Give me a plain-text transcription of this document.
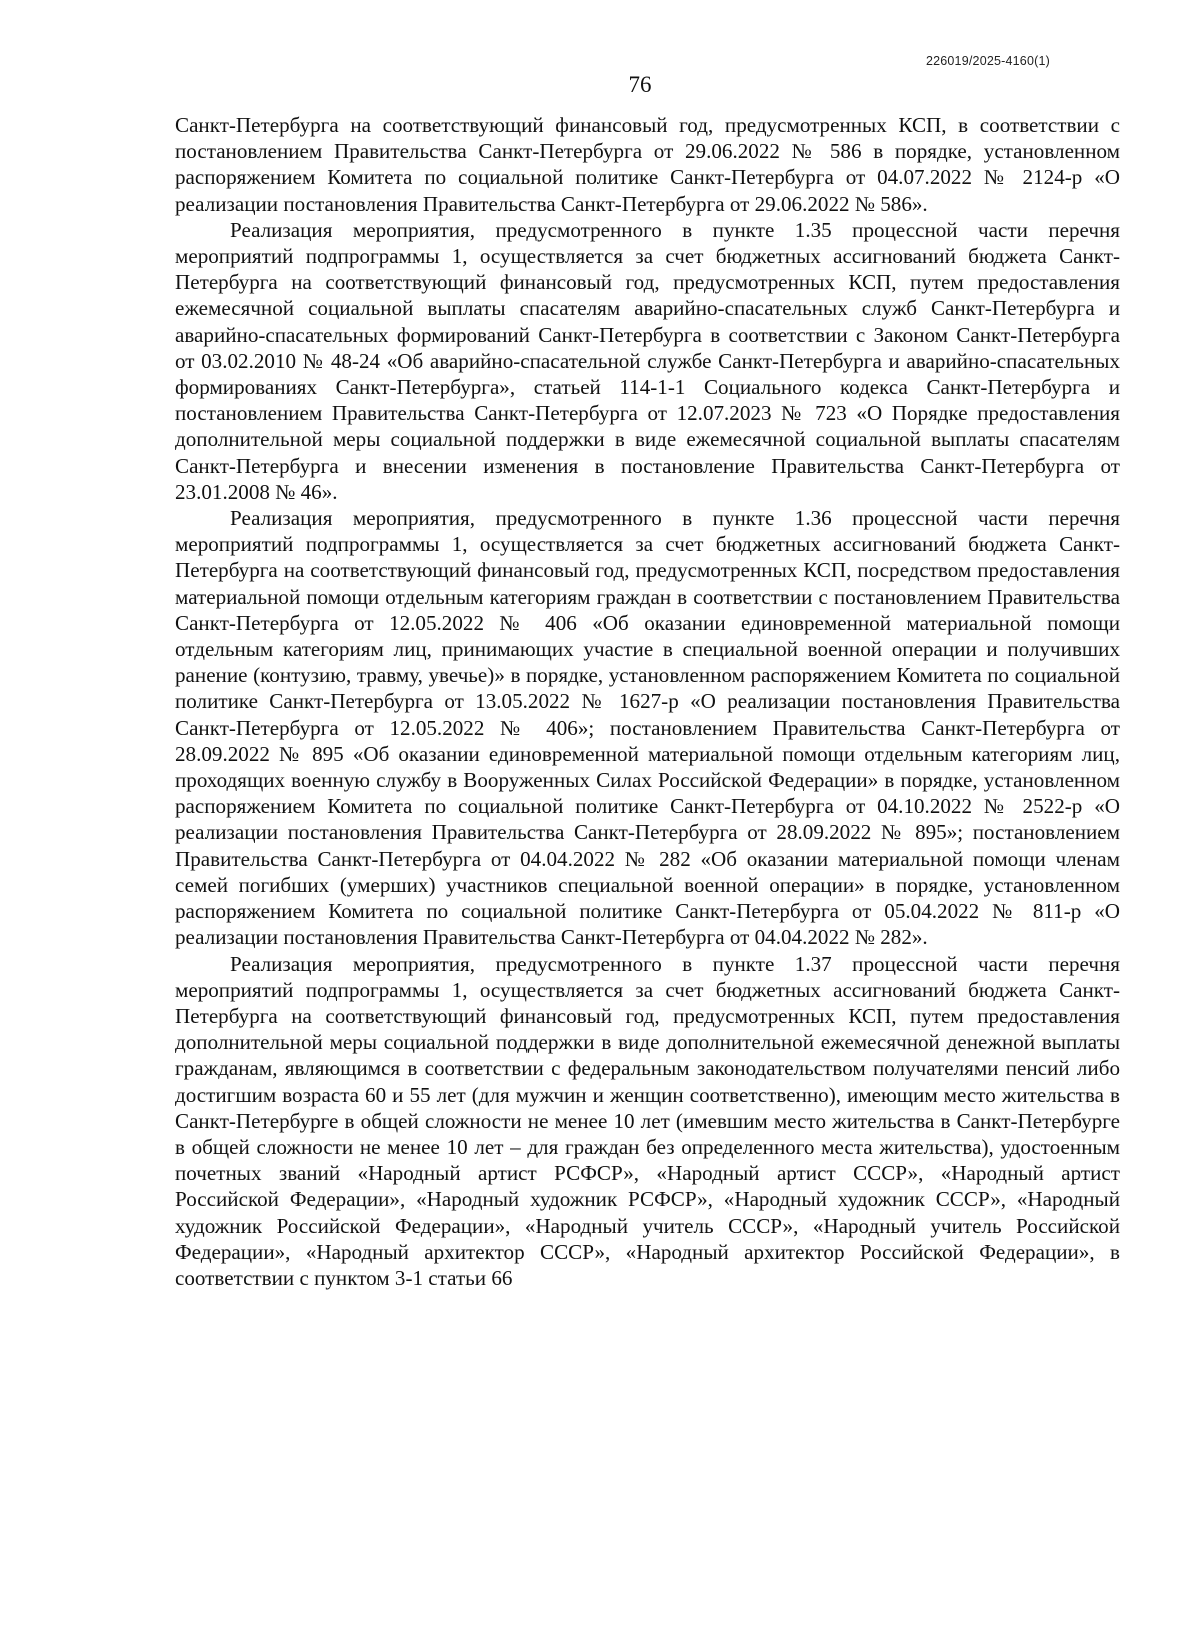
226019/2025-4160(1)
76

Санкт-Петербурга на соответствующий финансовый год, предусмотренных КСП, в соответствии с постановлением Правительства Санкт-Петербурга от 29.06.2022 № 586 в порядке, установленном распоряжением Комитета по социальной политике Санкт-Петербурга от 04.07.2022 № 2124-р «О реализации постановления Правительства Санкт-Петербурга от 29.06.2022 № 586».

Реализация мероприятия, предусмотренного в пункте 1.35 процессной части перечня мероприятий подпрограммы 1, осуществляется за счет бюджетных ассигнований бюджета Санкт-Петербурга на соответствующий финансовый год, предусмотренных КСП, путем предоставления ежемесячной социальной выплаты спасателям аварийно-спасательных служб Санкт-Петербурга и аварийно-спасательных формирований Санкт-Петербурга в соответствии с Законом Санкт-Петербурга от 03.02.2010 № 48-24 «Об аварийно-спасательной службе Санкт-Петербурга и аварийно-спасательных формированиях Санкт-Петербурга», статьей 114-1-1 Социального кодекса Санкт-Петербурга и постановлением Правительства Санкт-Петербурга от 12.07.2023 № 723 «О Порядке предоставления дополнительной меры социальной поддержки в виде ежемесячной социальной выплаты спасателям Санкт-Петербурга и внесении изменения в постановление Правительства Санкт-Петербурга от 23.01.2008 № 46».

Реализация мероприятия, предусмотренного в пункте 1.36 процессной части перечня мероприятий подпрограммы 1, осуществляется за счет бюджетных ассигнований бюджета Санкт-Петербурга на соответствующий финансовый год, предусмотренных КСП, посредством предоставления материальной помощи отдельным категориям граждан в соответствии с постановлением Правительства Санкт-Петербурга от 12.05.2022 № 406 «Об оказании единовременной материальной помощи отдельным категориям лиц, принимающих участие в специальной военной операции и получивших ранение (контузию, травму, увечье)» в порядке, установленном распоряжением Комитета по социальной политике Санкт-Петербурга от 13.05.2022 № 1627-р «О реализации постановления Правительства Санкт-Петербурга от 12.05.2022 № 406»; постановлением Правительства Санкт-Петербурга от 28.09.2022 № 895 «Об оказании единовременной материальной помощи отдельным категориям лиц, проходящих военную службу в Вооруженных Силах Российской Федерации» в порядке, установленном распоряжением Комитета по социальной политике Санкт-Петербурга от 04.10.2022 № 2522-р «О реализации постановления Правительства Санкт-Петербурга от 28.09.2022 № 895»; постановлением Правительства Санкт-Петербурга от 04.04.2022 № 282 «Об оказании материальной помощи членам семей погибших (умерших) участников специальной военной операции» в порядке, установленном распоряжением Комитета по социальной политике Санкт-Петербурга от 05.04.2022 № 811-р «О реализации постановления Правительства Санкт-Петербурга от 04.04.2022 № 282».

Реализация мероприятия, предусмотренного в пункте 1.37 процессной части перечня мероприятий подпрограммы 1, осуществляется за счет бюджетных ассигнований бюджета Санкт-Петербурга на соответствующий финансовый год, предусмотренных КСП, путем предоставления дополнительной меры социальной поддержки в виде дополнительной ежемесячной денежной выплаты гражданам, являющимся в соответствии с федеральным законодательством получателями пенсий либо достигшим возраста 60 и 55 лет (для мужчин и женщин соответственно), имеющим место жительства в Санкт-Петербурге в общей сложности не менее 10 лет (имевшим место жительства в Санкт-Петербурге в общей сложности не менее 10 лет – для граждан без определенного места жительства), удостоенным почетных званий «Народный артист РСФСР», «Народный артист СССР», «Народный артист Российской Федерации», «Народный художник РСФСР», «Народный художник СССР», «Народный художник Российской Федерации», «Народный учитель СССР», «Народный учитель Российской Федерации», «Народный архитектор СССР», «Народный архитектор Российской Федерации», в соответствии с пунктом 3-1 статьи 66
